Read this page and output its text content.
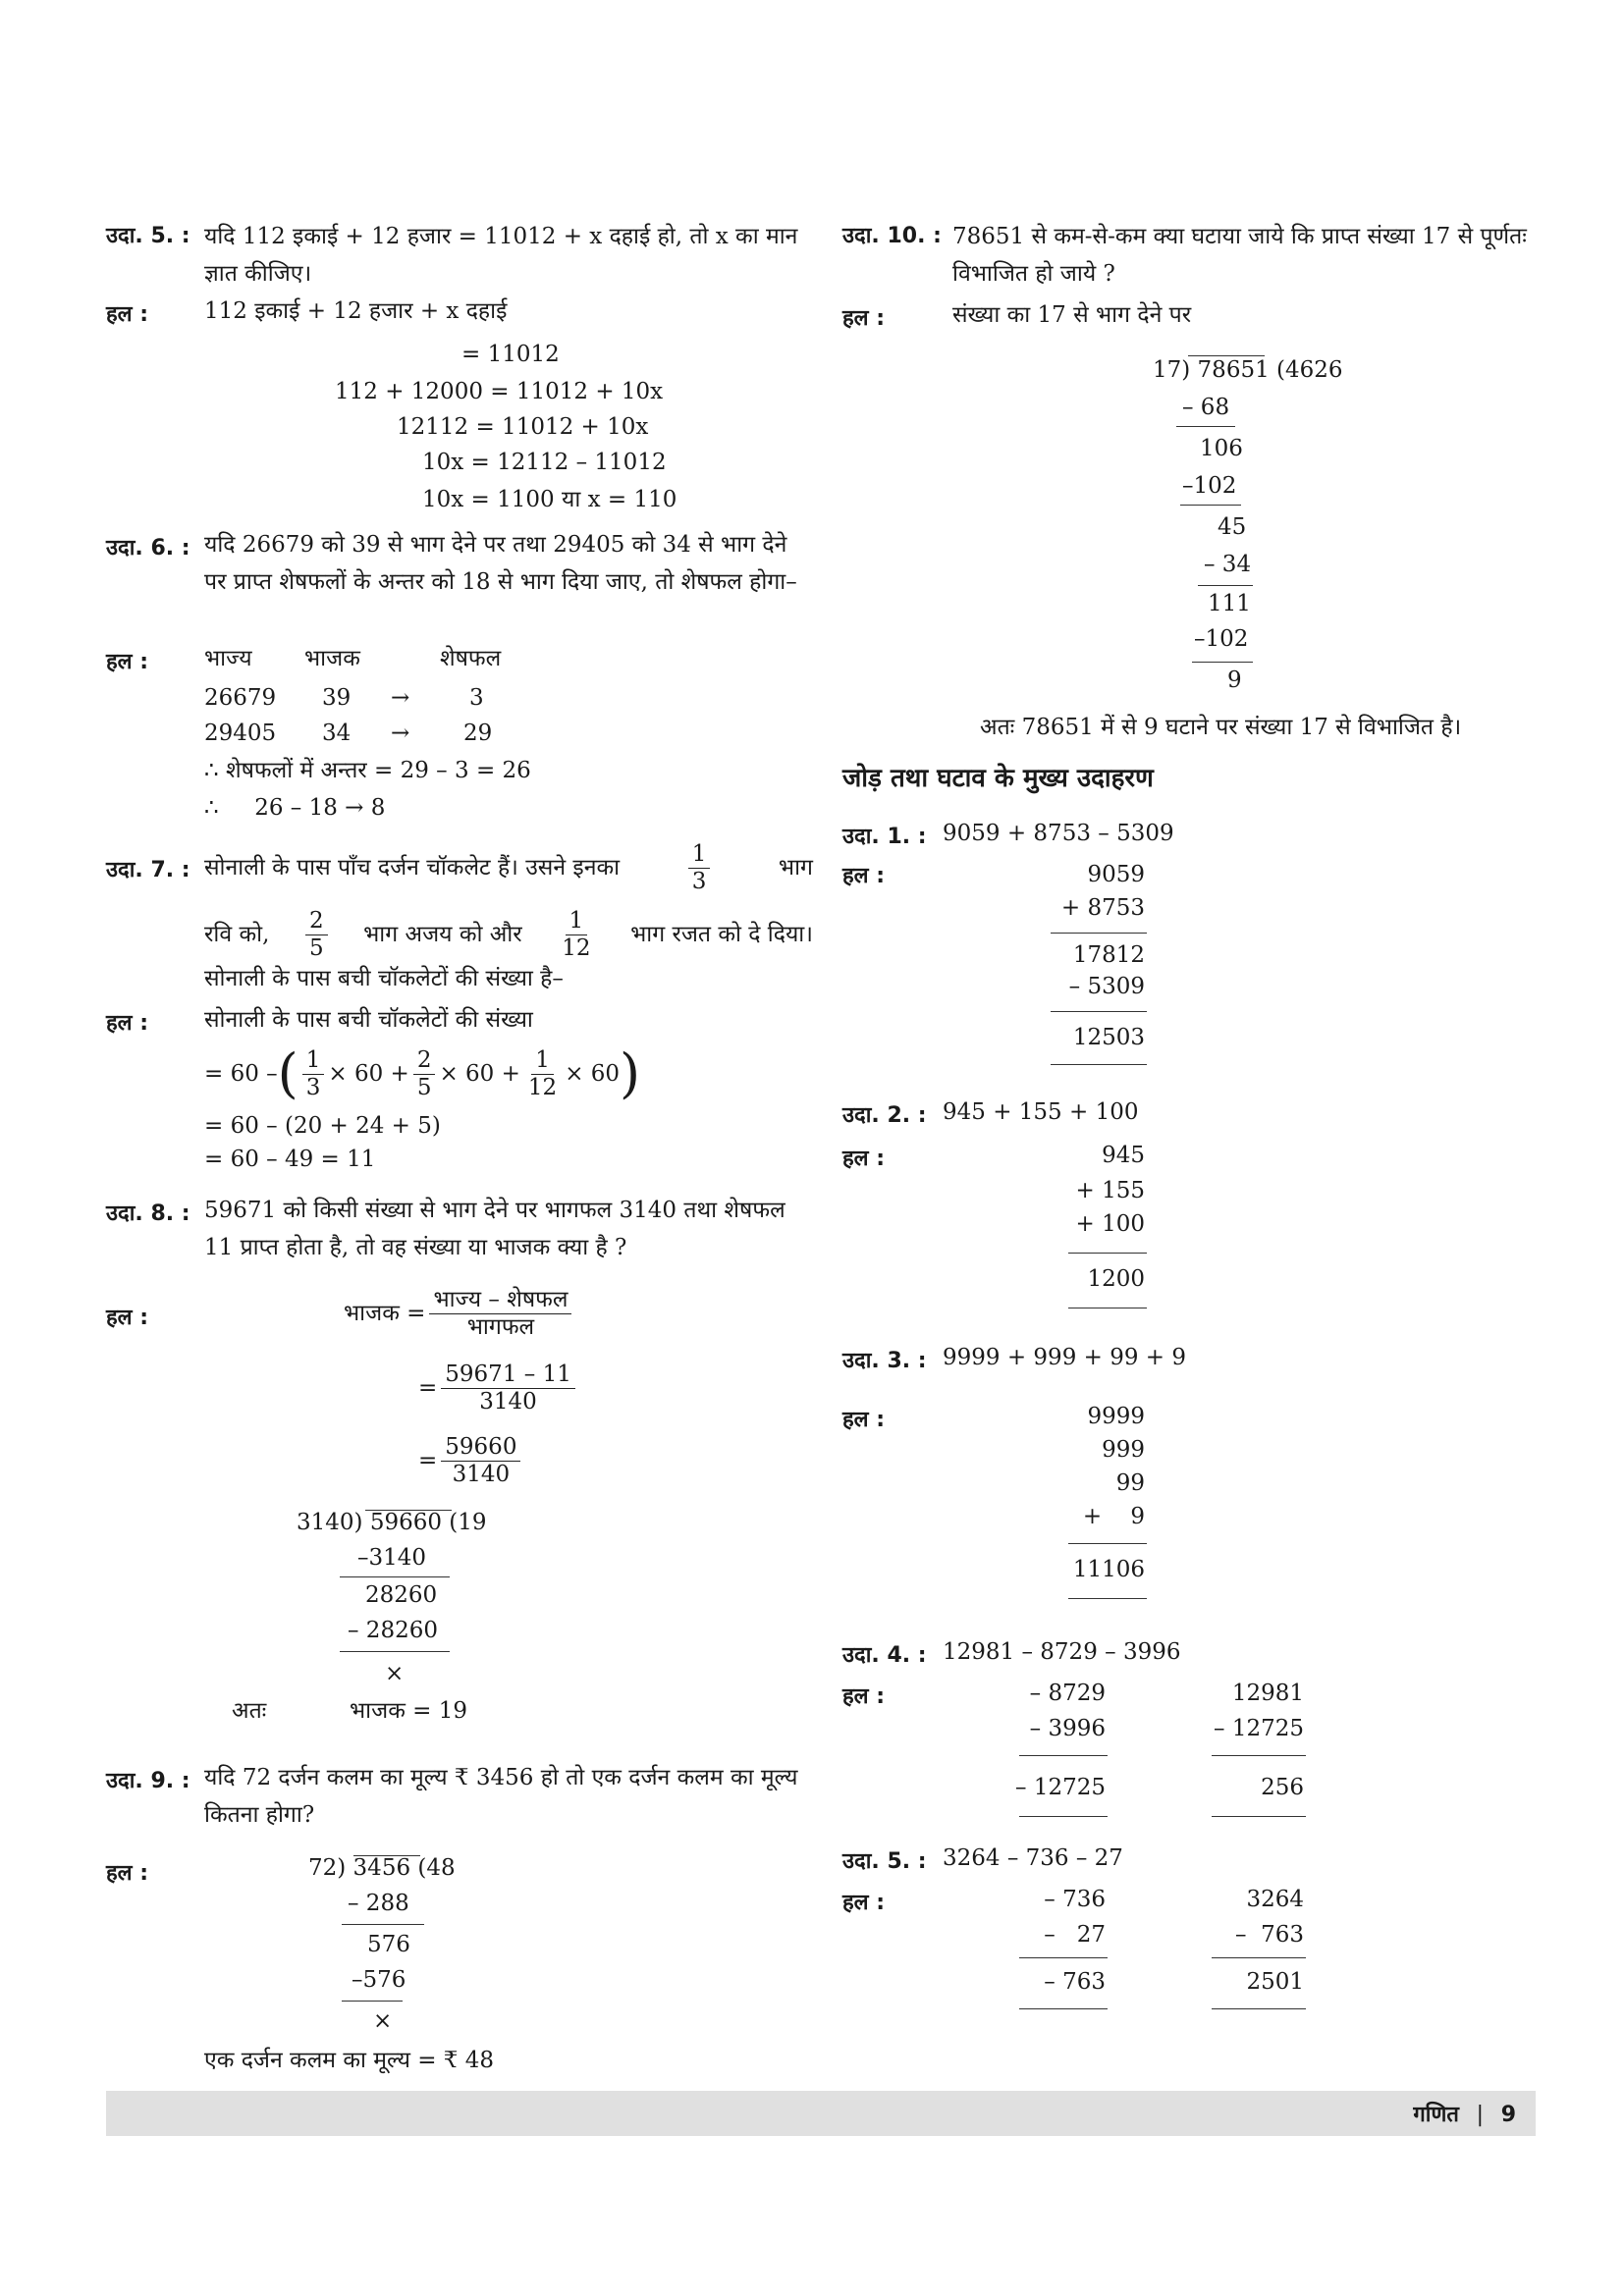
उदा. 5. : यदि 112 इकाई + 12 हजार = 11012 + x दहाई हो, तो x का मान ज्ञात कीजिए।
हल : 112 इकाई + 12 हजार + x दहाई
= 11012
112 + 12000 = 11012 + 10x
12112 = 11012 + 10x
10x = 12112 – 11012
10x = 1100 या x = 110
उदा. 6. : यदि 26679 को 39 से भाग देने पर तथा 29405 को 34 से भाग देने पर प्राप्त शेषफलों के अन्तर को 18 से भाग दिया जाए, तो शेषफल होगा–
हल : भाज्य भाजक	शेषफल
26679 39 →	3
29405 34 → 29
∴ शेषफलों में अन्तर = 29 – 3 = 26
∴     26 – 18 → 8
उदा. 7. : सोनाली के पास पाँच दर्जन चॉकलेट हैं। उसने इनका	$\frac{1}{3}$	भाग
रवि को, $\frac{2}{5}$ भाग अजय को और $\frac{1}{12}$ भाग रजत को दे दिया।
सोनाली के पास बची चॉकलेटों की संख्या है–
हल : सोनाली के पास बची चॉकलेटों की संख्या
= 60 – ( $\frac{1}{3} \times 60 + \frac{2}{5} \times 60 + \frac{1}{12} \times 60$ )
= 60 – (20 + 24 + 5)
= 60 – 49 = 11
उदा. 8. : 59671 को किसी संख्या से भाग देने पर भागफल 3140 तथा शेषफल 11 प्राप्त होता है, तो वह संख्या या भाजक क्या है ?
हल :	भाजक = $\frac{\text{भाज्य – शेषफल}}{\text{भागफल}}$
= $\frac{59671 - 11}{3140}$
= $\frac{59660}{3140}$
3140) 59660 (19
–3140
28260
– 28260
×
अतः	भाजक = 19
उदा. 9. : यदि 72 दर्जन कलम का मूल्य ₹ 3456 हो तो एक दर्जन कलम का मूल्य कितना होगा?
हल :	72) 3456 (48
– 288
576
–576
×
एक दर्जन कलम का मूल्य = ₹ 48
उदा. 10. : 78651 से कम-से-कम क्या घटाया जाये कि प्राप्त संख्या 17 से पूर्णतः विभाजित हो जाये ?
हल :	संख्या का 17 से भाग देने पर
17) 78651 (4626
– 68
106
–102
45
– 34
111
–102
9
अतः 78651 में से 9 घटाने पर संख्या 17 से विभाजित है।
जोड़ तथा घटाव के मुख्य उदाहरण
उदा. 1. : 9059 + 8753 – 5309
हल :	9059
+ 8753
17812
– 5309
12503
उदा. 2. : 945 + 155 + 100
हल :	945
+ 155
+ 100
1200
उदा. 3. : 9999 + 999 + 99 + 9
हल :	9999
999
99
+    9
11106
उदा. 4. : 12981 – 8729 – 3996
हल :	– 8729
– 3996
– 12725
12981
– 12725
256
उदा. 5. : 3264 – 736 – 27
हल :	– 736
–   27
– 763
3264
–  763
2501
गणित | 9
